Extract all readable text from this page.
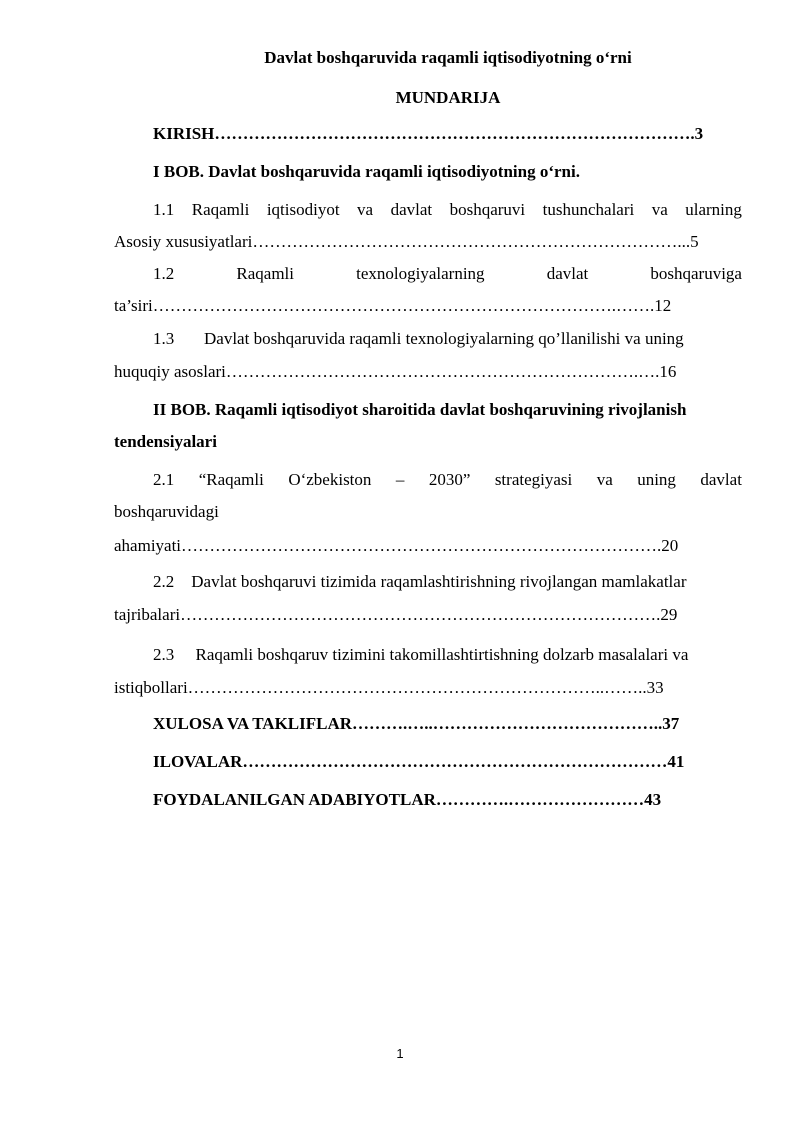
Davlat boshqaruvida raqamli iqtisodiyotning o‘rni
MUNDARIJA
KIRISH………………………………………………………………………….3
I BOB. Davlat boshqaruvida raqamli iqtisodiyotning o‘rni.
1.1 Raqamli iqtisodiyot va davlat boshqaruvi tushunchalari va ularning
Asosiy xususiyatlari…………………………………………………………………...5
1.2	Raqamli	texnologiyalarning	davlat	boshqaruviga
ta’siri……………………………………………………………………….…….12
1.3       Davlat boshqaruvida raqamli texnologiyalarning qo’llanilishi va uning
huquqiy asoslari……………………………………………………………….….16
II BOB. Raqamli iqtisodiyot sharoitida davlat boshqaruvining rivojlanish
tendensiyalari
2.1 “Raqamli O‘zbekiston – 2030” strategiyasi va uning davlat
boshqaruvidagi
ahamiyati………………………………………………………………………….20
2.2    Davlat boshqaruvi tizimida raqamlashtirishning rivojlangan mamlakatlar
tajribalari………………………………………………………………………….29
2.3     Raqamli boshqaruv tizimini takomillashtirtishning dolzarb masalalari va
istiqbollari………………………………………………………………..……..33
XULOSA VA TAKLIFLAR……….…..…………………………………..37
ILOVALAR…………………………………………………………………41
FOYDALANILGAN ADABIYOTLAR………….……………………43
1
